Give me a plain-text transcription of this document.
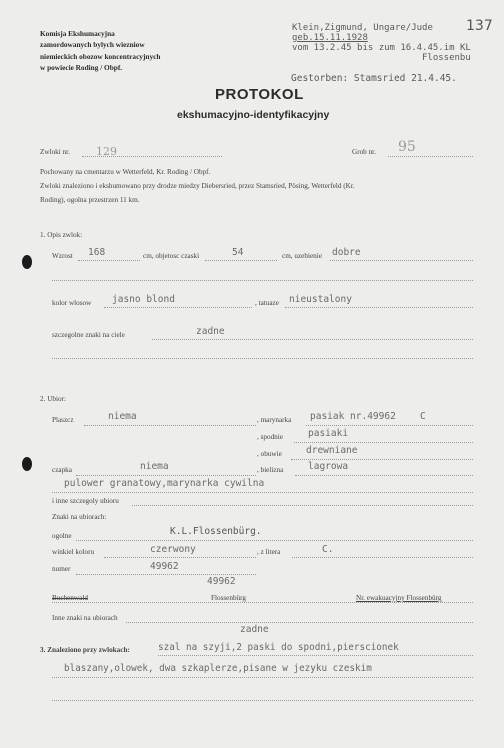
Komisja Ekshumacyjna
zamordowanych bylych wiezniow
niemieckich obozow koncentracyjnych
w powiecie Roding / Obpf.
Klein,Zigmund, Ungare/Jude
geb.15.11.1928
vom 13.2.45 bis zum 16.4.45.im KL
Flossenbu
137
Gestorben: Stamsried 21.4.45.
PROTOKOL
ekshumacyjno-identyfikacyjny
Zwloki nr. 129	Grob nr. 95
Pochowany na cmentarzu w Wetterfeld, Kr. Roding / Obpf.
Zwloki znaleziono i ekshumowano przy drodze miedzy Diebersried, przez Stamsried, Pösing, Wetterfeld (Kr.
Roding), ogolna przestrzen 11 km.
1. Opis zwlok:
Wzrost 168	cm, objetosc czaski	54	cm, uzebienie dobre
kolor wlosow jasno blond	, tatuaze nieustalony
szczegolne znaki na ciele	zadne
2. Ubior:
Plaszcz	niema	, marynarka pasiak nr.49962	C
, spodnie	pasiaki
, obuwie	drewniane
czapka	niema	, bielizna	lagrowa
pulower granatowy,marynarka cywilna
i inne szczegoly ubioru
Znaki na ubiorach:
ogolne	K.L.Flossenbürg.
winkiel koloru	czerwony	, z litera	C.
numer	49962
49962
Buchenwald	Flossenbürg	Nr. ewakuacyjny Flossenbürg
Inne znaki na ubiorach
zadne
3. Znaleziono przy zwlokach:	szal na szyji,2 paski do spodni,pierscionek
blaszany,olowek, dwa szkaplerze,pisane w jezyku czeskim
